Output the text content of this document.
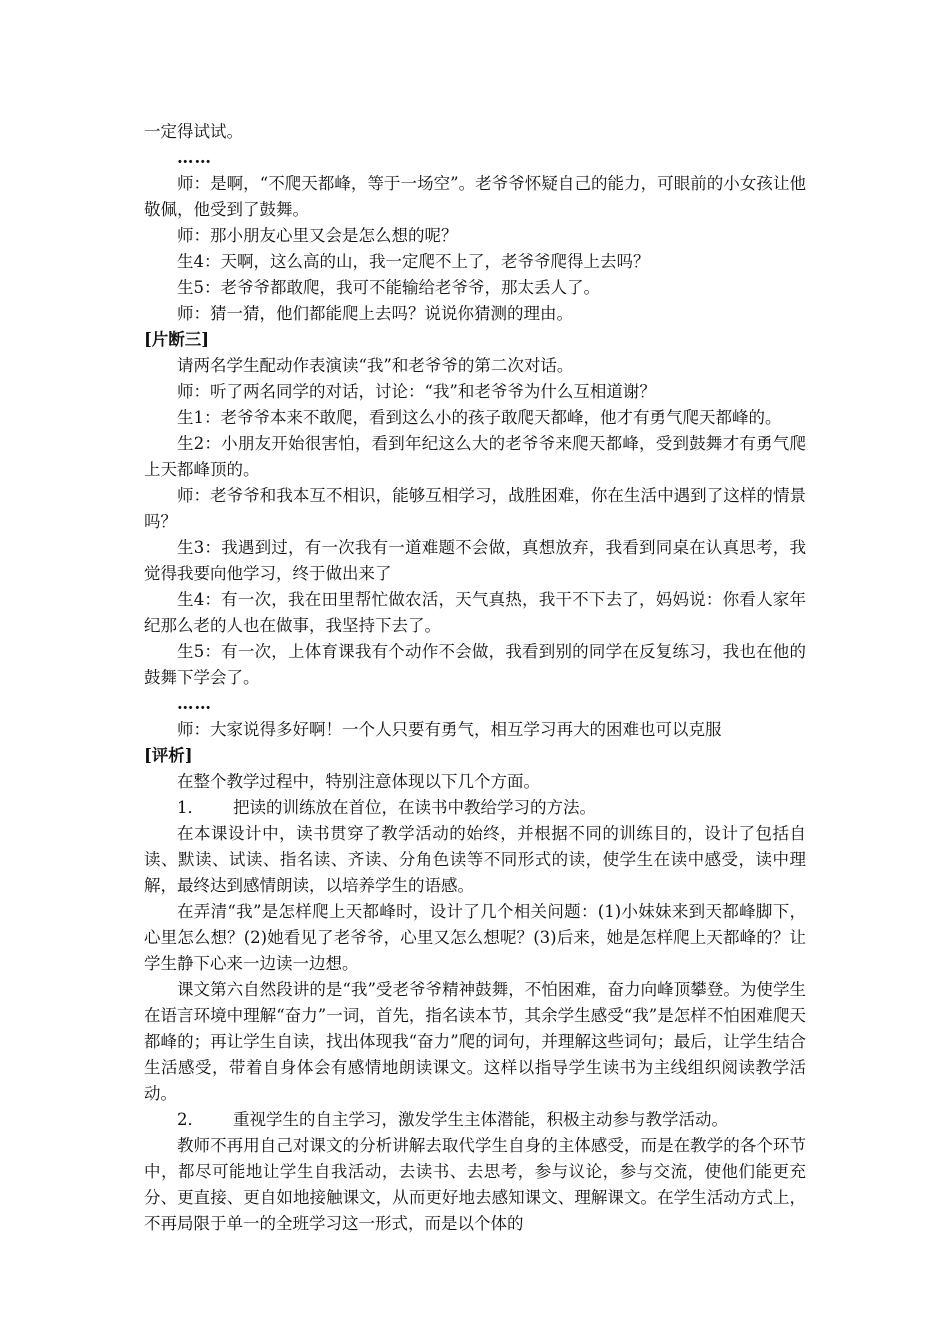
一定得试试。

……

师：是啊，“不爬天都峰，等于一场空”。老爷爷怀疑自己的能力，可眼前的小女孩让他敬佩，他受到了鼓舞。

师：那小朋友心里又会是怎么想的呢？

生4：天啊，这么高的山，我一定爬不上了，老爷爷爬得上去吗？

生5：老爷爷都敢爬，我可不能输给老爷爷，那太丢人了。

师：猜一猜，他们都能爬上去吗？说说你猜测的理由。

[片断三]

请两名学生配动作表演读“我”和老爷爷的第二次对话。

师：听了两名同学的对话，讨论：“我”和老爷爷为什么互相道谢？

生1：老爷爷本来不敢爬，看到这么小的孩子敢爬天都峰，他才有勇气爬天都峰的。

生2：小朋友开始很害怕，看到年纪这么大的老爷爷来爬天都峰，受到鼓舞才有勇气爬上天都峰顶的。

师：老爷爷和我本互不相识，能够互相学习，战胜困难，你在生活中遇到了这样的情景吗？

生3：我遇到过，有一次我有一道难题不会做，真想放弃，我看到同桌在认真思考，我觉得我要向他学习，终于做出来了

生4：有一次，我在田里帮忙做农活，天气真热，我干不下去了，妈妈说：你看人家年纪那么老的人也在做事，我坚持下去了。

生5：有一次，上体育课我有个动作不会做，我看到别的同学在反复练习，我也在他的鼓舞下学会了。

……

师：大家说得多好啊！一个人只要有勇气，相互学习再大的困难也可以克服

[评析]

在整个教学过程中，特别注意体现以下几个方面。

1． 把读的训练放在首位，在读书中教给学习的方法。

在本课设计中，读书贯穿了教学活动的始终，并根据不同的训练目的，设计了包括自读、默读、试读、指名读、齐读、分角色读等不同形式的读，使学生在读中感受，读中理解，最终达到感情朗读，以培养学生的语感。

在弄清“我”是怎样爬上天都峰时，设计了几个相关问题：(1)小妹妹来到天都峰脚下，心里怎么想？(2)她看见了老爷爷，心里又怎么想呢？(3)后来，她是怎样爬上天都峰的？让学生静下心来一边读一边想。

课文第六自然段讲的是“我”受老爷爷精神鼓舞，不怕困难，奋力向峰顶攀登。为使学生在语言环境中理解“奋力”一词，首先，指名读本节，其余学生感受“我”是怎样不怕困难爬天都峰的；再让学生自读，找出体现我“奋力”爬的词句，并理解这些词句；最后，让学生结合生活感受，带着自身体会有感情地朗读课文。这样以指导学生读书为主线组织阅读教学活动。

2． 重视学生的自主学习，激发学生主体潜能，积极主动参与教学活动。

教师不再用自己对课文的分析讲解去取代学生自身的主体感受，而是在教学的各个环节中，都尽可能地让学生自我活动，去读书、去思考，参与议论，参与交流，使他们能更充分、更直接、更自如地接触课文，从而更好地去感知课文、理解课文。在学生活动方式上，不再局限于单一的全班学习这一形式，而是以个体的
